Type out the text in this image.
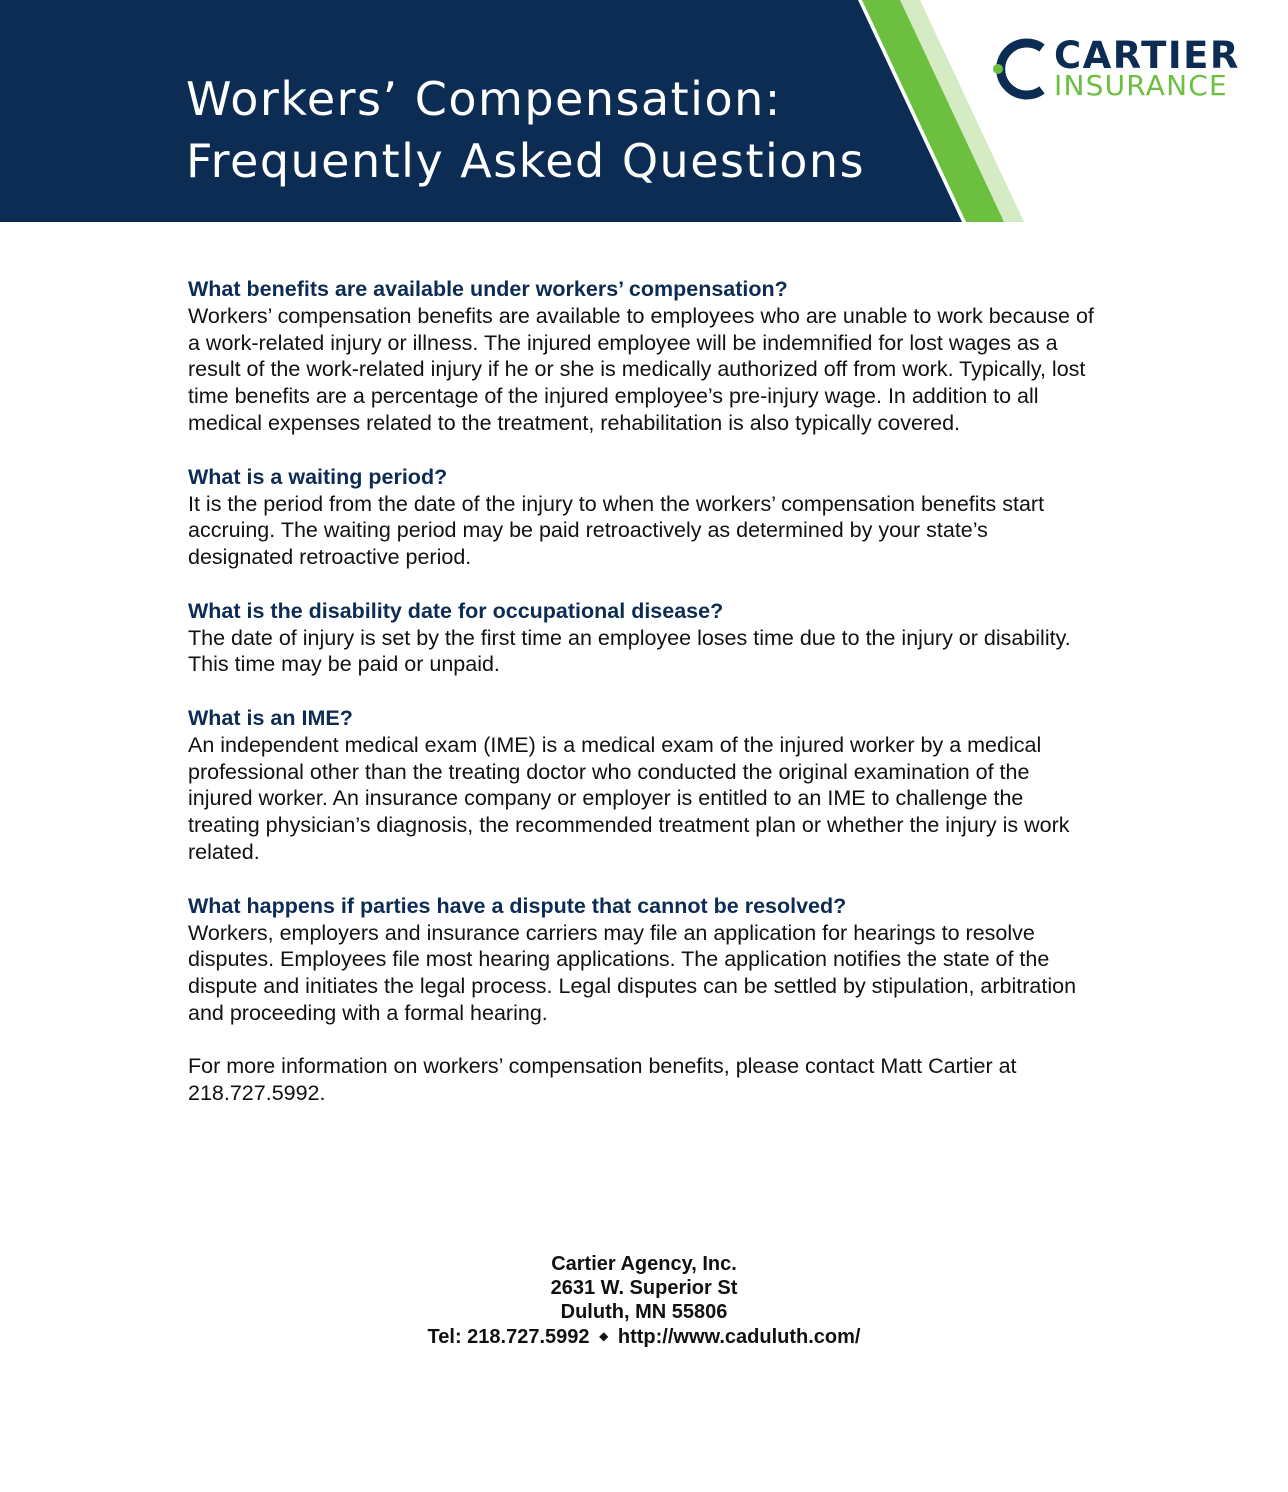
Workers’ Compensation:
Frequently Asked Questions
CARTIER
INSURANCE
What benefits are available under workers’ compensation?

Workers’ compensation benefits are available to employees who are unable to work because of a work-related injury or illness. The injured employee will be indemnified for lost wages as a result of the work-related injury if he or she is medically authorized off from work. Typically, lost time benefits are a percentage of the injured employee’s pre-injury wage. In addition to all medical expenses related to the treatment, rehabilitation is also typically covered.

What is a waiting period?

It is the period from the date of the injury to when the workers’ compensation benefits start accruing. The waiting period may be paid retroactively as determined by your state’s designated retroactive period.

What is the disability date for occupational disease?

The date of injury is set by the first time an employee loses time due to the injury or disability. This time may be paid or unpaid.

What is an IME?

An independent medical exam (IME) is a medical exam of the injured worker by a medical professional other than the treating doctor who conducted the original examination of the injured worker. An insurance company or employer is entitled to an IME to challenge the treating physician’s diagnosis, the recommended treatment plan or whether the injury is work related.

What happens if parties have a dispute that cannot be resolved?

Workers, employers and insurance carriers may file an application for hearings to resolve disputes. Employees file most hearing applications. The application notifies the state of the dispute and initiates the legal process. Legal disputes can be settled by stipulation, arbitration and proceeding with a formal hearing.

For more information on workers’ compensation benefits, please contact Matt Cartier at 218.727.5992.

Cartier Agency, Inc.
2631 W. Superior St
Duluth, MN 55806
Tel: 218.727.5992 ◆ http://www.caduluth.com/
